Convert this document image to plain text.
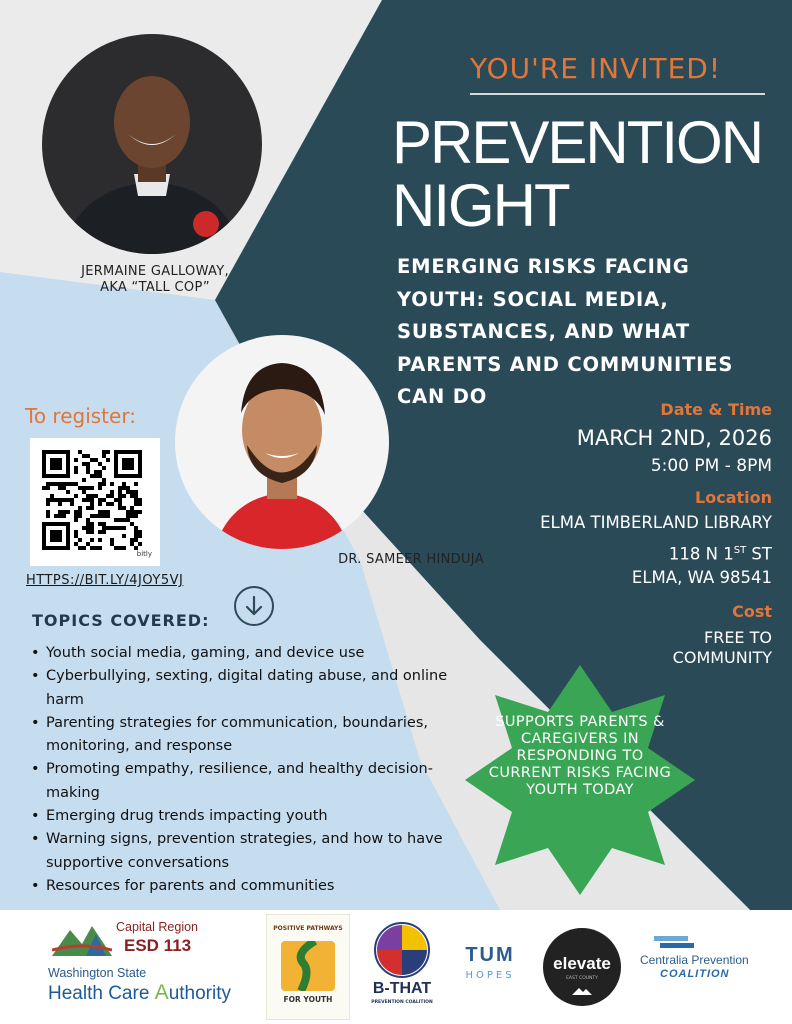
JERMAINE GALLOWAY,
AKA “TALL COP”
DR. SAMEER HINDUJA
YOU'RE INVITED!
PREVENTION
NIGHT
EMERGING RISKS FACING YOUTH: SOCIAL MEDIA, SUBSTANCES, AND WHAT PARENTS AND COMMUNITIES CAN DO
Date & Time
MARCH 2ND, 2026
5:00 PM - 8PM
Location
ELMA TIMBERLAND LIBRARY
118 N 1ST ST
ELMA, WA 98541
Cost
FREE TO
COMMUNITY
To register:
bitly
HTTPS://BIT.LY/4JOY5VJ
TOPICS COVERED:
• Youth social media, gaming, and device use
• Cyberbullying, sexting, digital dating abuse, and online harm
• Parenting strategies for communication, boundaries, monitoring, and response
• Promoting empathy, resilience, and healthy decision-making
• Emerging drug trends impacting youth
• Warning signs, prevention strategies, and how to have supportive conversations
• Resources for parents and communities
SUPPORTS PARENTS & CAREGIVERS IN RESPONDING TO CURRENT RISKS FACING YOUTH TODAY
Capital Region
ESD 113
Washington State
Health Care Authority
POSITIVE PATHWAYS
FOR YOUTH
B-THAT
PREVENTION COALITION
TUM
HOPES
elevate
EAST COUNTY
Centralia Prevention
COALITION
